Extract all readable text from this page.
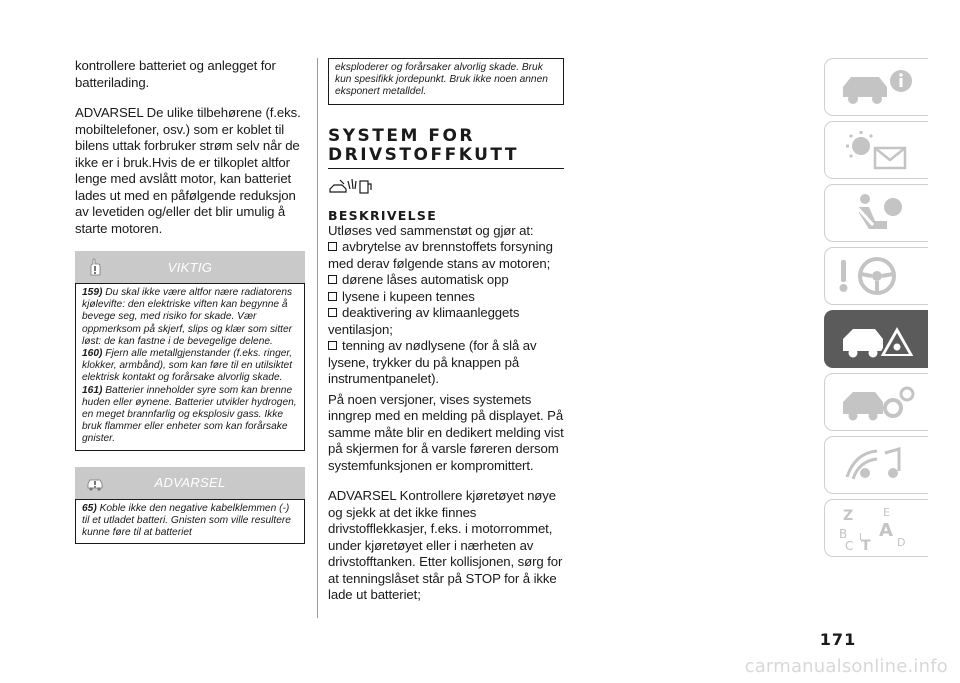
kontrollere batteriet og anlegget for batterilading.

ADVARSEL De ulike tilbehørene (f.eks. mobiltelefoner, osv.) som er koblet til bilens uttak forbruker strøm selv når de ikke er i bruk.Hvis de er tilkoplet altfor lenge med avslått motor, kan batteriet lades ut med en påfølgende reduksjon av levetiden og/eller det blir umulig å starte motoren.

VIKTIG
159) Du skal ikke være altfor nære radiatorens kjølevifte: den elektriske viften kan begynne å bevege seg, med risiko for skade. Vær oppmerksom på skjerf, slips og klær som sitter løst: de kan fastne i de bevegelige delene.
160) Fjern alle metallgjenstander (f.eks. ringer, klokker, armbånd), som kan føre til en utilsiktet elektrisk kontakt og forårsake alvorlig skade.
161) Batterier inneholder syre som kan brenne huden eller øynene. Batterier utvikler hydrogen, en meget brannfarlig og eksplosiv gass. Ikke bruk flammer eller enheter som kan forårsake gnister.
ADVARSEL
65) Koble ikke den negative kabelklemmen (-) til et utladet batteri. Gnisten som ville resultere kunne føre til at batteriet
eksploderer og forårsaker alvorlig skade. Bruk kun spesifikk jordepunkt. Bruk ikke noen annen eksponert metalldel.
SYSTEM FOR DRIVSTOFFKUTT
BESKRIVELSE

Utløses ved sammenstøt og gjør at:

avbrytelse av brennstoffets forsyning med derav følgende stans av motoren;
dørene låses automatisk opp
lysene i kupeen tennes
deaktivering av klimaanleggets ventilasjon;
tenning av nødlysene (for å slå av lysene, trykker du på knappen på instrumentpanelet).

På noen versjoner, vises systemets inngrep med en melding på displayet. På samme måte blir en dedikert melding vist på skjermen for å varsle føreren dersom systemfunksjonen er kompromittert.

ADVARSEL Kontrollere kjøretøyet nøye og sjekk at det ikke finnes drivstofflekkasjer, f.eks. i motorrommet, under kjøretøyet eller i nærheten av drivstofftanken. Etter kollisjonen, sørg for at tenningslåset står på STOP for å ikke lade ut batteriet;

Z	E
A
B
C T D
I
171
carmanualsonline.info
